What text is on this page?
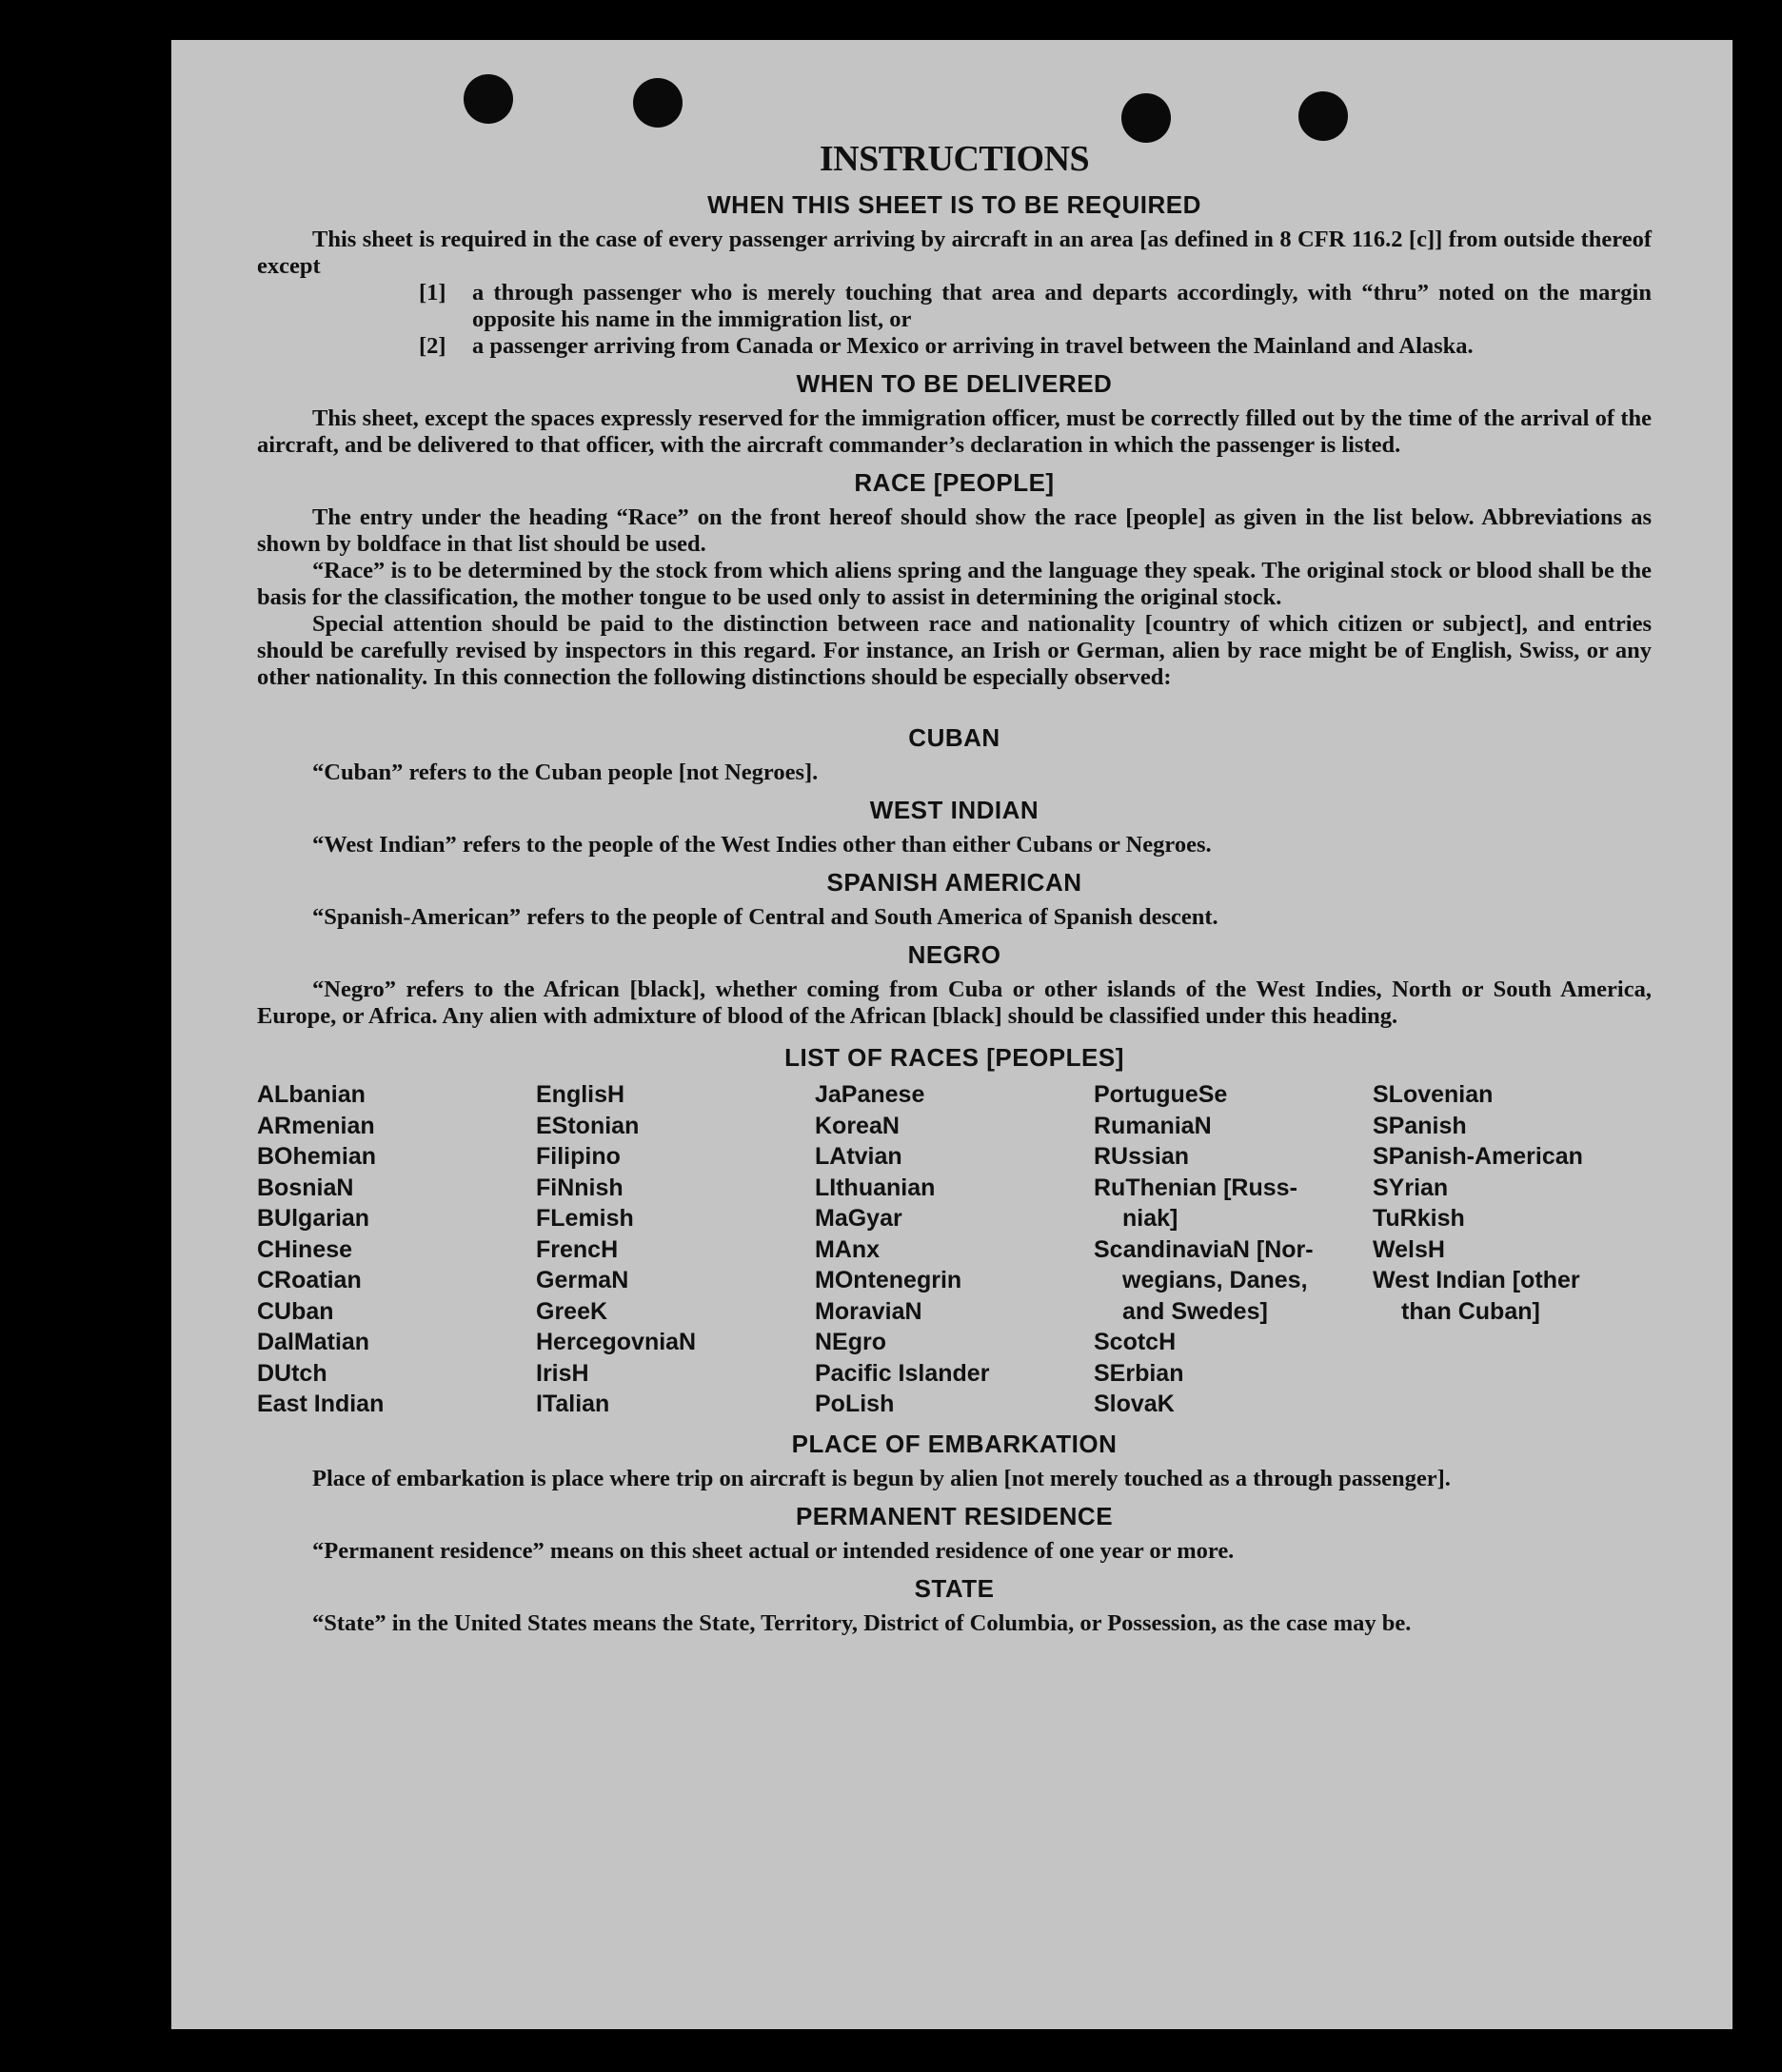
INSTRUCTIONS
WHEN THIS SHEET IS TO BE REQUIRED

This sheet is required in the case of every passenger arriving by aircraft in an area [as defined in 8 CFR 116.2 [c]] from outside thereof except

[1]	a through passenger who is merely touching that area and departs accordingly, with “thru” noted on the margin opposite his name in the immigration list, or
[2]	a passenger arriving from Canada or Mexico or arriving in travel between the Mainland and Alaska.
WHEN TO BE DELIVERED

This sheet, except the spaces expressly reserved for the immigration officer, must be correctly filled out by the time of the arrival of the aircraft, and be delivered to that officer, with the aircraft commander’s declaration in which the passenger is listed.

RACE [PEOPLE]

The entry under the heading “Race” on the front hereof should show the race [people] as given in the list below. Abbreviations as shown by boldface in that list should be used.

“Race” is to be determined by the stock from which aliens spring and the language they speak. The original stock or blood shall be the basis for the classification, the mother tongue to be used only to assist in determining the original stock.

Special attention should be paid to the distinction between race and nationality [country of which citizen or subject], and entries should be carefully revised by inspectors in this regard. For instance, an Irish or German, alien by race might be of English, Swiss, or any other nationality. In this connection the following distinctions should be especially observed:

CUBAN

“Cuban” refers to the Cuban people [not Negroes].

WEST INDIAN

“West Indian” refers to the people of the West Indies other than either Cubans or Negroes.

SPANISH AMERICAN

“Spanish-American” refers to the people of Central and South America of Spanish descent.

NEGRO

“Negro” refers to the African [black], whether coming from Cuba or other islands of the West Indies, North or South America, Europe, or Africa. Any alien with admixture of blood of the African [black] should be classified under this heading.

LIST OF RACES [PEOPLES]
ALbanian
ARmenian
BOhemian
BosniaN
BUlgarian
CHinese
CRoatian
CUban
DalMatian
DUtch
East Indian
EnglisH
EStonian
Filipino
FiNnish
FLemish
FrencH
GermaN
GreeK
HercegovniaN
IrisH
ITalian
JaPanese
KoreaN
LAtvian
LIthuanian
MaGyar
MAnx
MOntenegrin
MoraviaN
NEgro
Pacific Islander
PoLish
PortugueSe
RumaniaN
RUssian
RuThenian [Russ-
niak]
ScandinaviaN [Nor-
wegians, Danes,
and Swedes]
ScotcH
SErbian
SlovaK
SLovenian
SPanish
SPanish-American
SYrian
TuRkish
WelsH
West Indian [other
than Cuban]
PLACE OF EMBARKATION

Place of embarkation is place where trip on aircraft is begun by alien [not merely touched as a through passenger].

PERMANENT RESIDENCE

“Permanent residence” means on this sheet actual or intended residence of one year or more.

STATE

“State” in the United States means the State, Territory, District of Columbia, or Possession, as the case may be.
